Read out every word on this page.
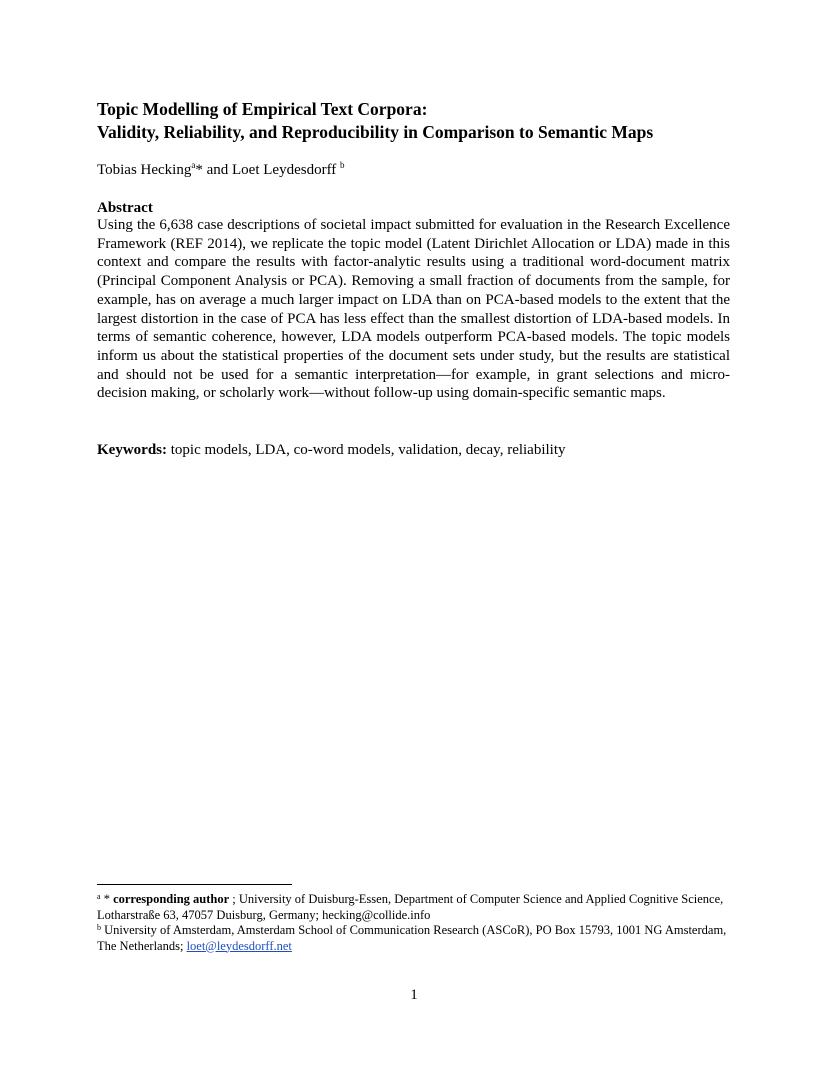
Topic Modelling of Empirical Text Corpora:
Validity, Reliability, and Reproducibility in Comparison to Semantic Maps
Tobias Hecking$^a$* and Loet Leydesdorff $^b$
Abstract

Using the 6,638 case descriptions of societal impact submitted for evaluation in the Research Excellence Framework (REF 2014), we replicate the topic model (Latent Dirichlet Allocation or LDA) made in this context and compare the results with factor-analytic results using a traditional word-document matrix (Principal Component Analysis or PCA). Removing a small fraction of documents from the sample, for example, has on average a much larger impact on LDA than on PCA-based models to the extent that the largest distortion in the case of PCA has less effect than the smallest distortion of LDA-based models. In terms of semantic coherence, however, LDA models outperform PCA-based models. The topic models inform us about the statistical properties of the document sets under study, but the results are statistical and should not be used for a semantic interpretation—for example, in grant selections and micro-decision making, or scholarly work—without follow-up using domain-specific semantic maps.

Keywords: topic models, LDA, co-word models, validation, decay, reliability

$^a$ * corresponding author ; University of Duisburg-Essen, Department of Computer Science and Applied Cognitive Science, Lotharstraße 63, 47057 Duisburg, Germany; hecking@collide.info

$^b$ University of Amsterdam, Amsterdam School of Communication Research (ASCoR), PO Box 15793, 1001 NG Amsterdam, The Netherlands; loet@leydesdorff.net

1
